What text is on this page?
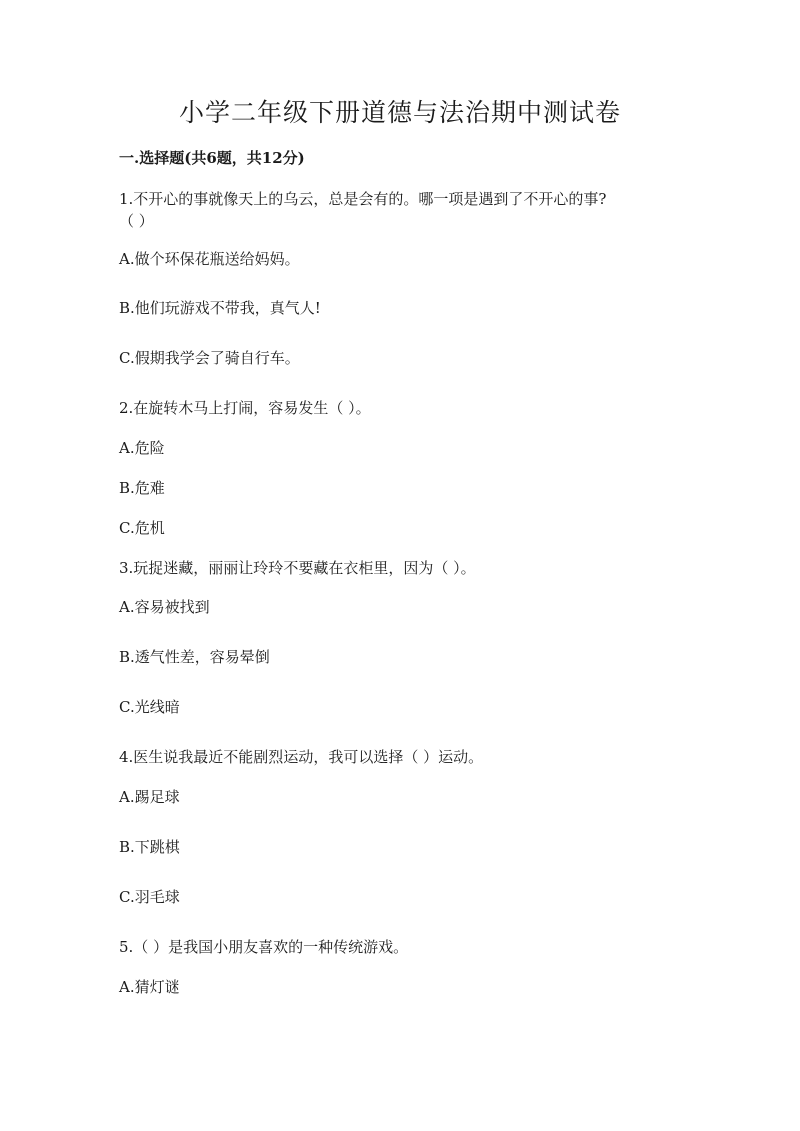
小学二年级下册道德与法治期中测试卷
一.选择题(共6题，共12分)
1.不开心的事就像天上的乌云，总是会有的。哪一项是遇到了不开心的事?
（ ）
A.做个环保花瓶送给妈妈。
B.他们玩游戏不带我，真气人!
C.假期我学会了骑自行车。
2.在旋转木马上打闹，容易发生（ ）。
A.危险
B.危难
C.危机
3.玩捉迷藏，丽丽让玲玲不要藏在衣柜里，因为（ ）。
A.容易被找到
B.透气性差，容易晕倒
C.光线暗
4.医生说我最近不能剧烈运动，我可以选择（ ）运动。
A.踢足球
B.下跳棋
C.羽毛球
5.（ ）是我国小朋友喜欢的一种传统游戏。
A.猜灯谜
